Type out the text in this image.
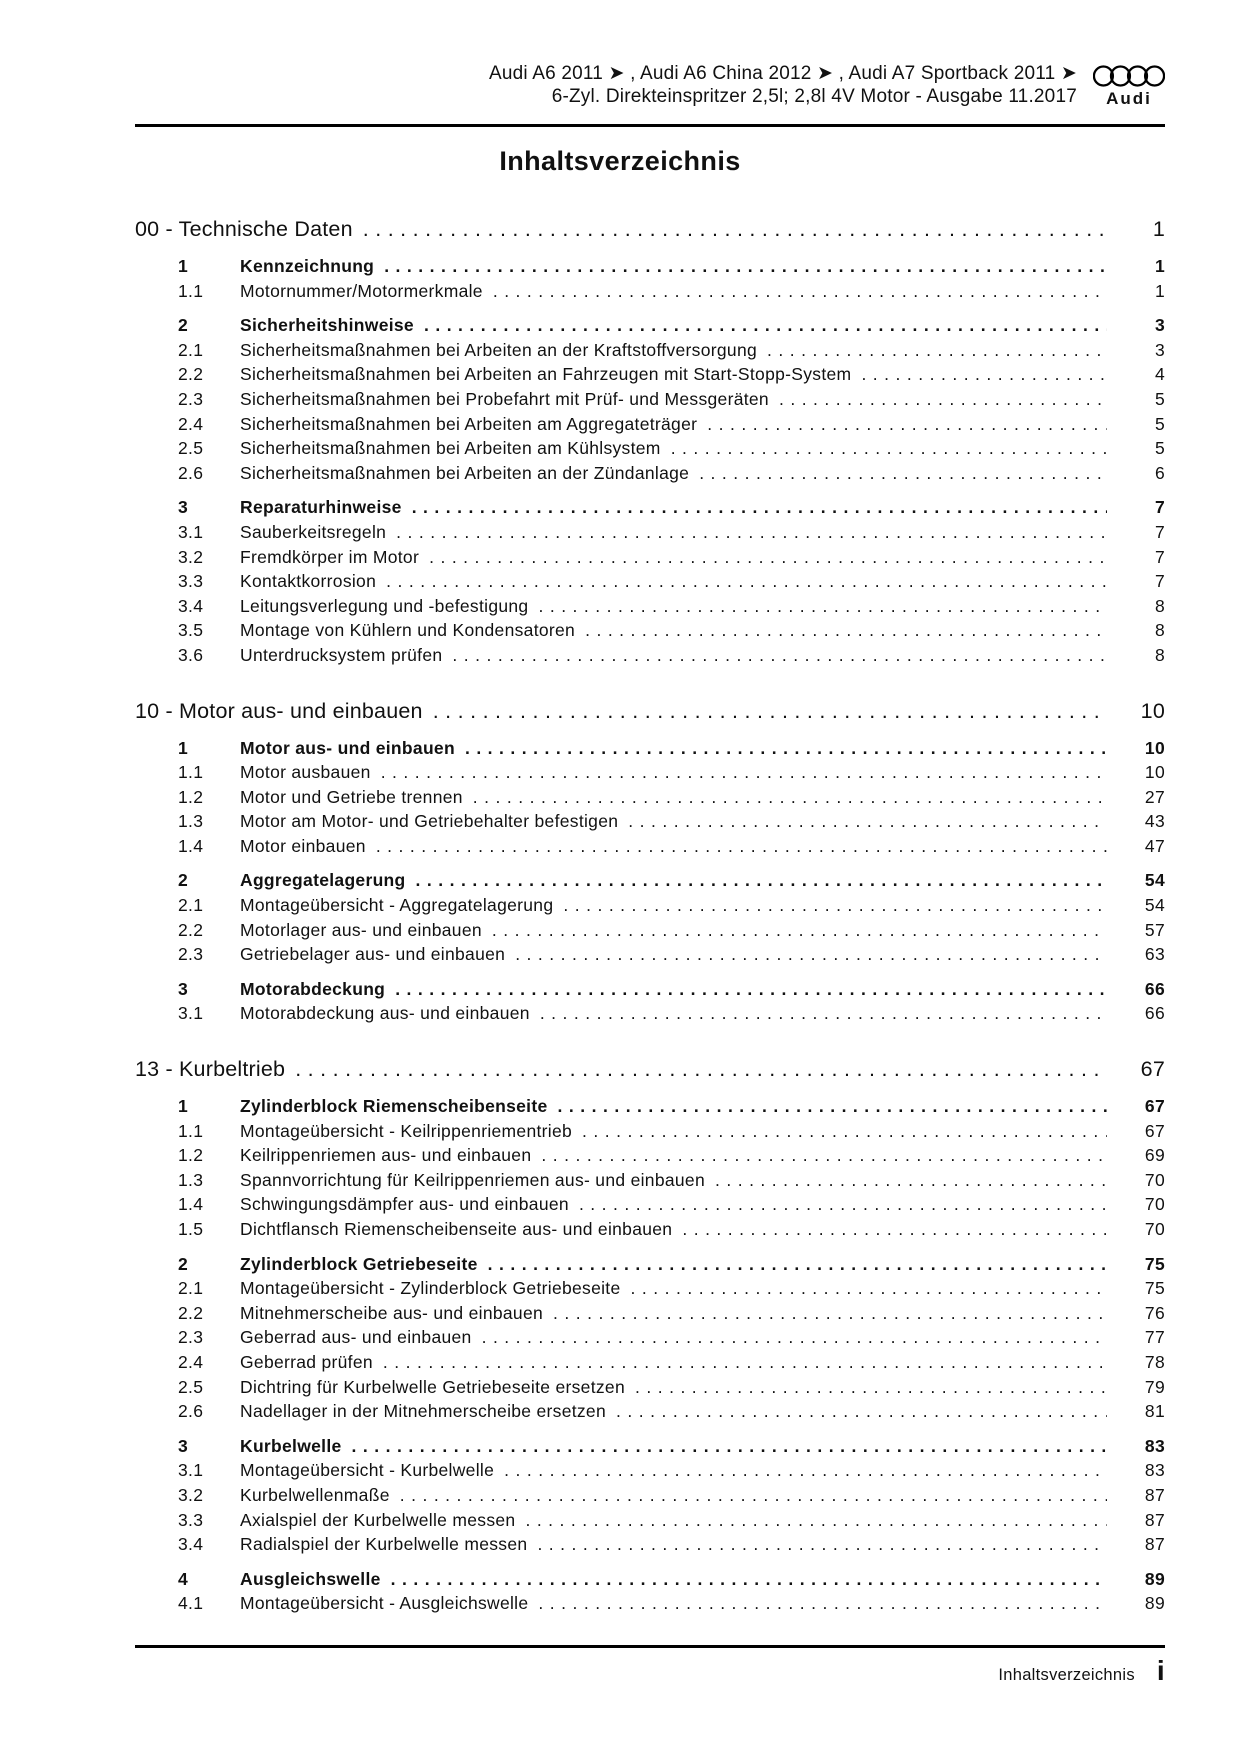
Audi A6 2011 ➤ , Audi A6 China 2012 ➤ , Audi A7 Sportback 2011 ➤
6-Zyl. Direkteinspritzer 2,5l; 2,8l 4V Motor - Ausgabe 11.2017 Audi
Inhaltsverzeichnis
00 - Technische Daten .....	1
1	Kennzeichnung .....	1
1.1	Motornummer/Motormerkmale .....	1
2	Sicherheitshinweise .....	3
2.1	Sicherheitsmaßnahmen bei Arbeiten an der Kraftstoffversorgung .....	3
2.2	Sicherheitsmaßnahmen bei Arbeiten an Fahrzeugen mit Start-Stopp-System .....	4
2.3	Sicherheitsmaßnahmen bei Probefahrt mit Prüf- und Messgeräten .....	5
2.4	Sicherheitsmaßnahmen bei Arbeiten am Aggregateträger .....	5
2.5	Sicherheitsmaßnahmen bei Arbeiten am Kühlsystem .....	5
2.6	Sicherheitsmaßnahmen bei Arbeiten an der Zündanlage .....	6
3	Reparaturhinweise .....	7
3.1	Sauberkeitsregeln .....	7
3.2	Fremdkörper im Motor .....	7
3.3	Kontaktkorrosion .....	7
3.4	Leitungsverlegung und -befestigung .....	8
3.5	Montage von Kühlern und Kondensatoren .....	8
3.6	Unterdrucksystem prüfen .....	8
10 - Motor aus- und einbauen .....	10
1	Motor aus- und einbauen .....	10
1.1	Motor ausbauen .....	10
1.2	Motor und Getriebe trennen .....	27
1.3	Motor am Motor- und Getriebehalter befestigen .....	43
1.4	Motor einbauen .....	47
2	Aggregatelagerung .....	54
2.1	Montageübersicht - Aggregatelagerung .....	54
2.2	Motorlager aus- und einbauen .....	57
2.3	Getriebelager aus- und einbauen .....	63
3	Motorabdeckung .....	66
3.1	Motorabdeckung aus- und einbauen .....	66
13 - Kurbeltrieb .....	67
1	Zylinderblock Riemenscheibenseite .....	67
1.1	Montageübersicht - Keilrippenriementrieb .....	67
1.2	Keilrippenriemen aus- und einbauen .....	69
1.3	Spannvorrichtung für Keilrippenriemen aus- und einbauen .....	70
1.4	Schwingungsdämpfer aus- und einbauen .....	70
1.5	Dichtflansch Riemenscheibenseite aus- und einbauen .....	70
2	Zylinderblock Getriebeseite .....	75
2.1	Montageübersicht - Zylinderblock Getriebeseite .....	75
2.2	Mitnehmerscheibe aus- und einbauen .....	76
2.3	Geberrad aus- und einbauen .....	77
2.4	Geberrad prüfen .....	78
2.5	Dichtring für Kurbelwelle Getriebeseite ersetzen .....	79
2.6	Nadellager in der Mitnehmerscheibe ersetzen .....	81
3	Kurbelwelle .....	83
3.1	Montageübersicht - Kurbelwelle .....	83
3.2	Kurbelwellenmaße .....	87
3.3	Axialspiel der Kurbelwelle messen .....	87
3.4	Radialspiel der Kurbelwelle messen .....	87
4	Ausgleichswelle .....	89
4.1	Montageübersicht - Ausgleichswelle .....	89
Inhaltsverzeichnis i
